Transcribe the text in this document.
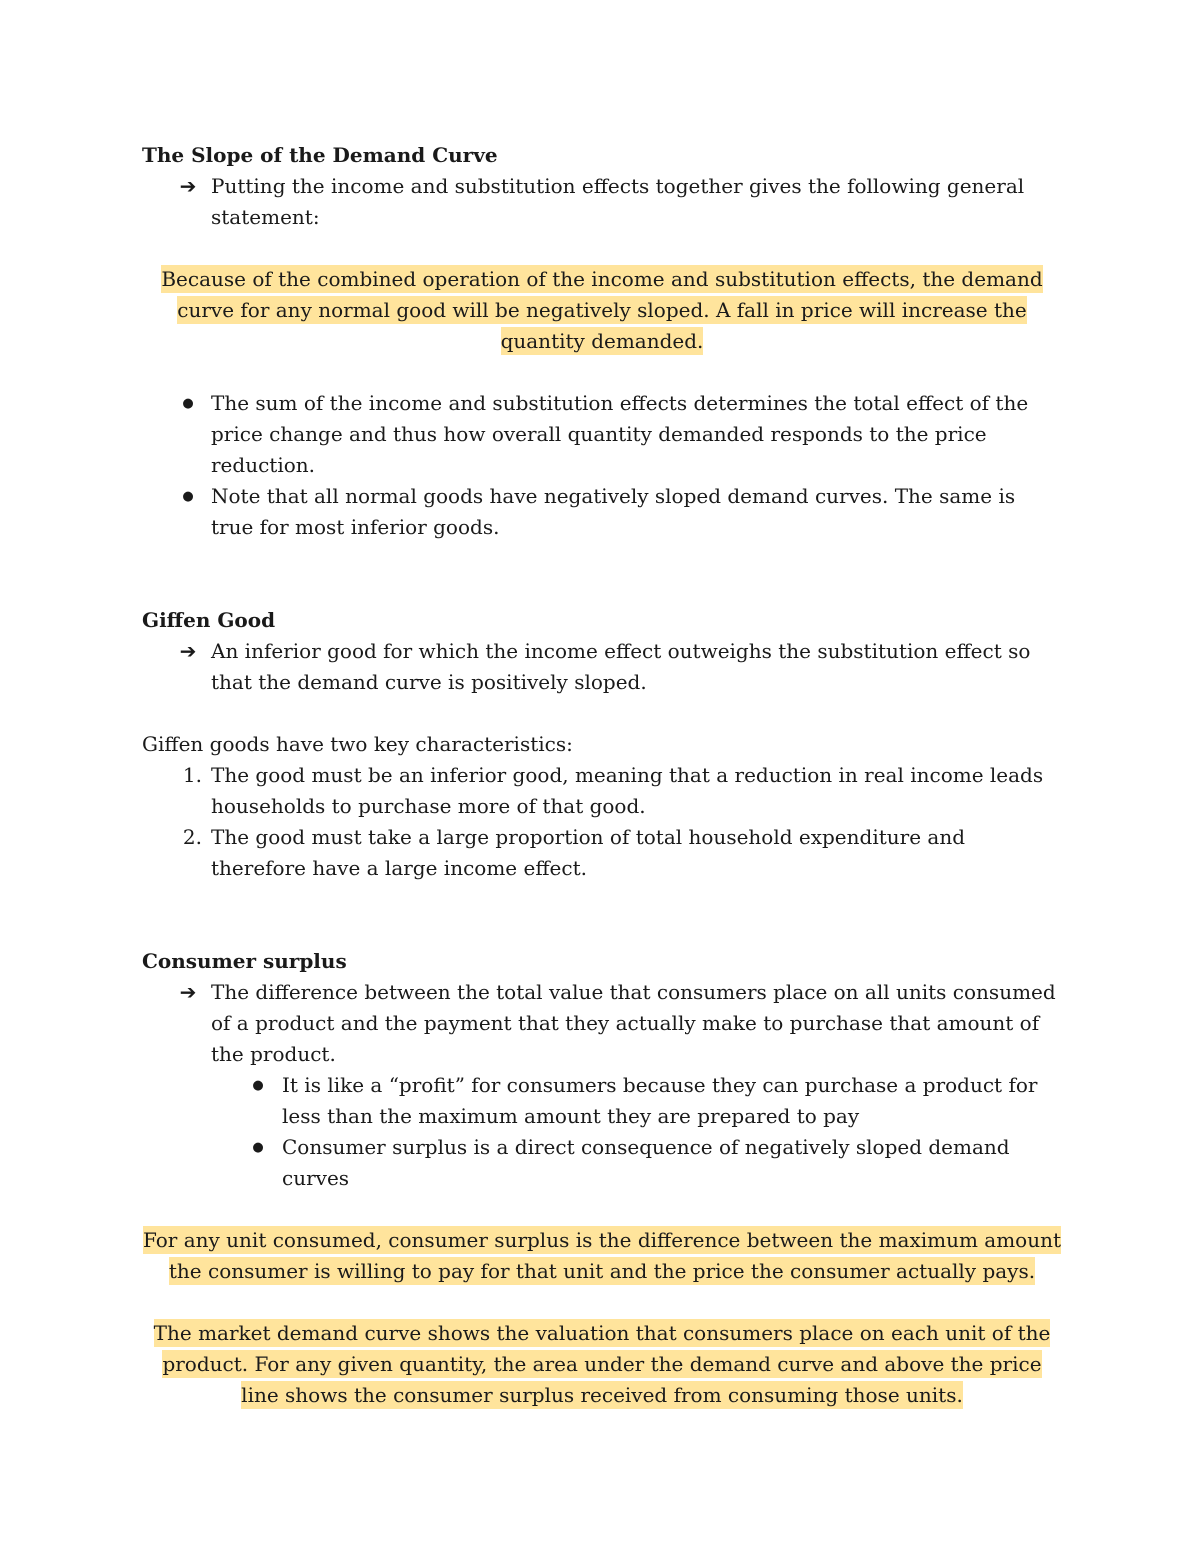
The Slope of the Demand Curve

➔ Putting the income and substitution effects together gives the following general statement:

Because of the combined operation of the income and substitution effects, the demand curve for any normal good will be negatively sloped. A fall in price will increase the quantity demanded.

● The sum of the income and substitution effects determines the total effect of the price change and thus how overall quantity demanded responds to the price reduction.
● Note that all normal goods have negatively sloped demand curves. The same is true for most inferior goods.

Giffen Good

➔ An inferior good for which the income effect outweighs the substitution effect so that the demand curve is positively sloped.

Giffen goods have two key characteristics:

1. The good must be an inferior good, meaning that a reduction in real income leads households to purchase more of that good.
2. The good must take a large proportion of total household expenditure and therefore have a large income effect.

Consumer surplus

➔ The difference between the total value that consumers place on all units consumed of a product and the payment that they actually make to purchase that amount of the product.
● It is like a “profit” for consumers because they can purchase a product for less than the maximum amount they are prepared to pay
● Consumer surplus is a direct consequence of negatively sloped demand curves

For any unit consumed, consumer surplus is the difference between the maximum amount the consumer is willing to pay for that unit and the price the consumer actually pays.

The market demand curve shows the valuation that consumers place on each unit of the product. For any given quantity, the area under the demand curve and above the price line shows the consumer surplus received from consuming those units.
